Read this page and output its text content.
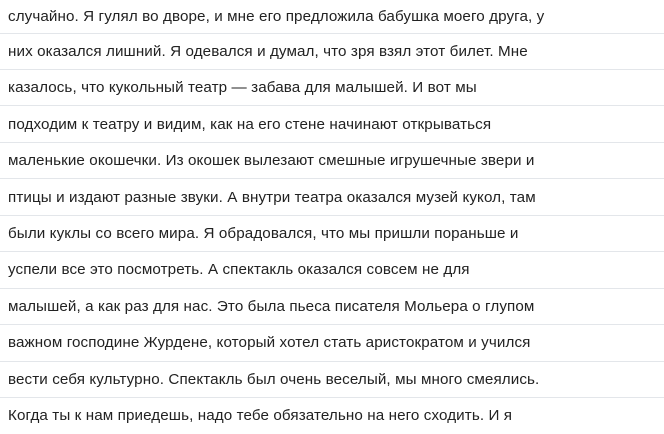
случайно. Я гулял во дворе, и мне его предложила бабушка моего друга, у
них оказался лишний. Я одевался и думал, что зря взял этот билет. Мне
казалось, что кукольный театр — забава для малышей. И вот мы
подходим к театру и видим, как на его стене начинают открываться
маленькие окошечки. Из окошек вылезают смешные игрушечные звери и
птицы и издают разные звуки. А внутри театра оказался музей кукол, там
были куклы со всего мира. Я обрадовался, что мы пришли пораньше и
успели все это посмотреть. А спектакль оказался совсем не для
малышей, а как раз для нас. Это была пьеса писателя Мольера о глупом
важном господине Журдене, который хотел стать аристократом и учился
вести себя культурно. Спектакль был очень веселый, мы много смеялись.
Когда ты к нам приедешь, надо тебе обязательно на него сходить. И я
